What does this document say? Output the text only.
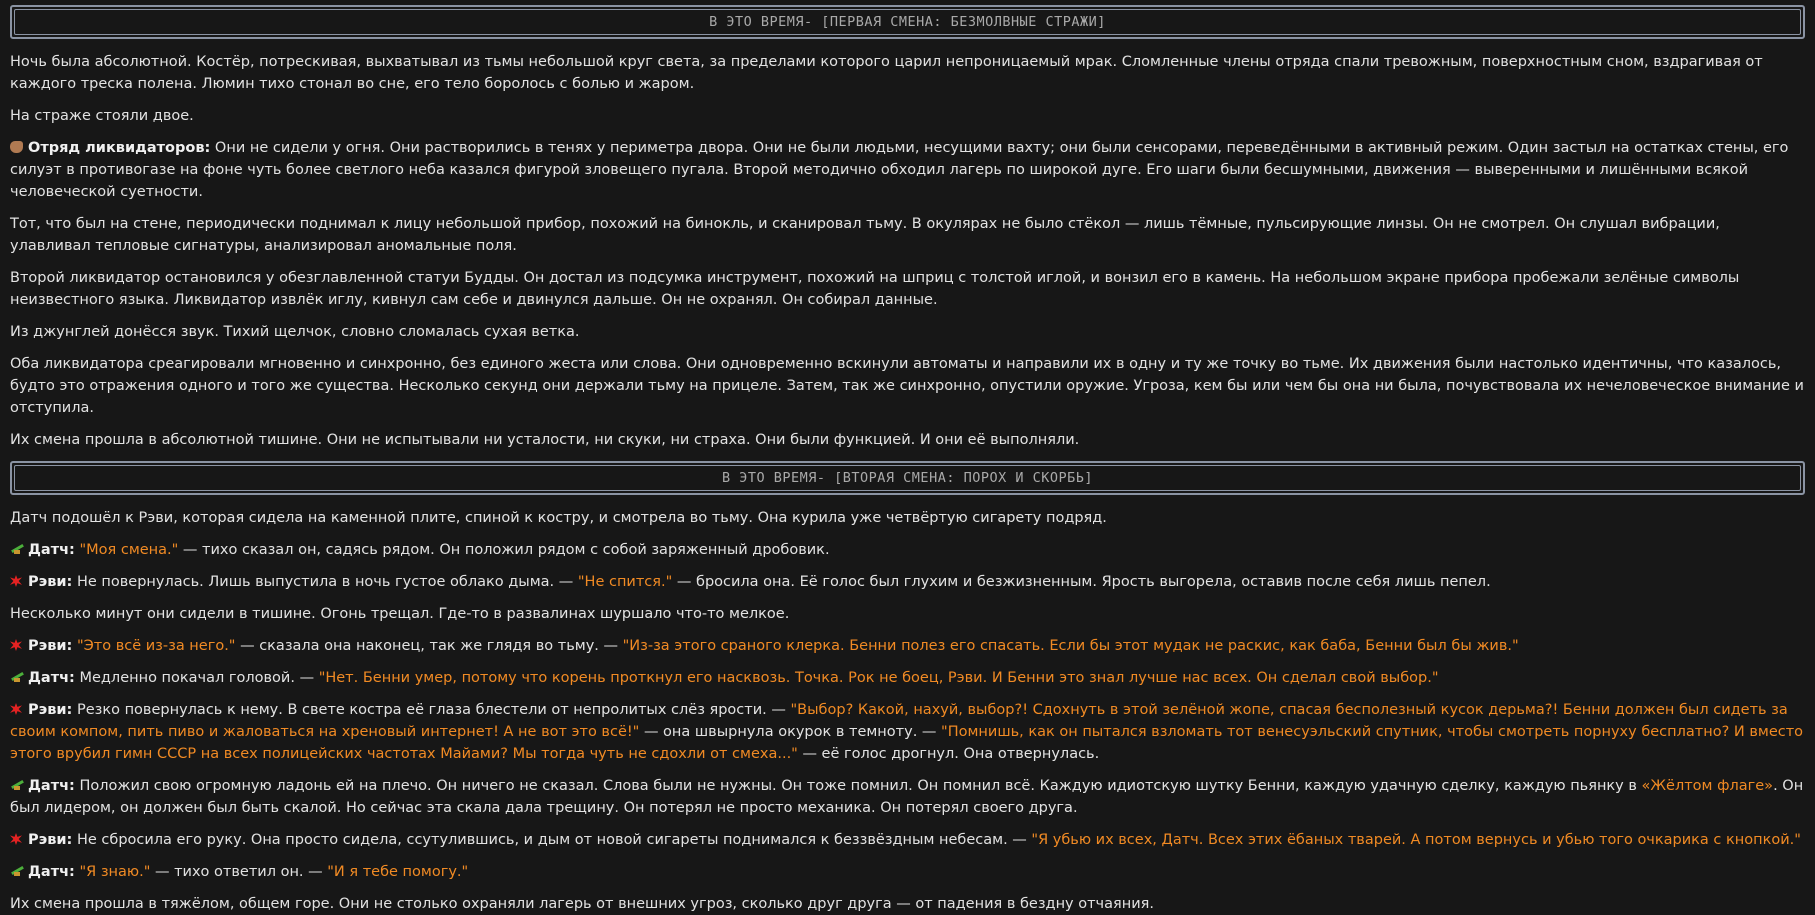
В ЭТО ВРЕМЯ- [ПЕРВАЯ СМЕНА: БЕЗМОЛВНЫЕ СТРАЖИ]

Ночь была абсолютной. Костёр, потрескивая, выхватывал из тьмы небольшой круг света, за пределами которого царил непроницаемый мрак. Сломленные члены отряда спали тревожным, поверхностным сном, вздрагивая от каждого треска полена. Люмин тихо стонал во сне, его тело боролось с болью и жаром.

На страже стояли двое.

Отряд ликвидаторов: Они не сидели у огня. Они растворились в тенях у периметра двора. Они не были людьми, несущими вахту; они были сенсорами, переведёнными в активный режим. Один застыл на остатках стены, его силуэт в противогазе на фоне чуть более светлого неба казался фигурой зловещего пугала. Второй методично обходил лагерь по широкой дуге. Его шаги были бесшумными, движения — выверенными и лишёнными всякой человеческой суетности.

Тот, что был на стене, периодически поднимал к лицу небольшой прибор, похожий на бинокль, и сканировал тьму. В окулярах не было стёкол — лишь тёмные, пульсирующие линзы. Он не смотрел. Он слушал вибрации, улавливал тепловые сигнатуры, анализировал аномальные поля.

Второй ликвидатор остановился у обезглавленной статуи Будды. Он достал из подсумка инструмент, похожий на шприц с толстой иглой, и вонзил его в камень. На небольшом экране прибора пробежали зелёные символы неизвестного языка. Ликвидатор извлёк иглу, кивнул сам себе и двинулся дальше. Он не охранял. Он собирал данные.

Из джунглей донёсся звук. Тихий щелчок, словно сломалась сухая ветка.

Оба ликвидатора среагировали мгновенно и синхронно, без единого жеста или слова. Они одновременно вскинули автоматы и направили их в одну и ту же точку во тьме. Их движения были настолько идентичны, что казалось, будто это отражения одного и того же существа. Несколько секунд они держали тьму на прицеле. Затем, так же синхронно, опустили оружие. Угроза, кем бы или чем бы она ни была, почувствовала их нечеловеческое внимание и отступила.

Их смена прошла в абсолютной тишине. Они не испытывали ни усталости, ни скуки, ни страха. Они были функцией. И они её выполняли.

В ЭТО ВРЕМЯ- [ВТОРАЯ СМЕНА: ПОРОХ И СКОРБЬ]

Датч подошёл к Рэви, которая сидела на каменной плите, спиной к костру, и смотрела во тьму. Она курила уже четвёртую сигарету подряд.

Датч: "Моя смена." — тихо сказал он, садясь рядом. Он положил рядом с собой заряженный дробовик.

Рэви: Не повернулась. Лишь выпустила в ночь густое облако дыма. — "Не спится." — бросила она. Её голос был глухим и безжизненным. Ярость выгорела, оставив после себя лишь пепел.

Несколько минут они сидели в тишине. Огонь трещал. Где-то в развалинах шуршало что-то мелкое.

Рэви: "Это всё из-за него." — сказала она наконец, так же глядя во тьму. — "Из-за этого сраного клерка. Бенни полез его спасать. Если бы этот мудак не раскис, как баба, Бенни был бы жив."

Датч: Медленно покачал головой. — "Нет. Бенни умер, потому что корень проткнул его насквозь. Точка. Рок не боец, Рэви. И Бенни это знал лучше нас всех. Он сделал свой выбор."

Рэви: Резко повернулась к нему. В свете костра её глаза блестели от непролитых слёз ярости. — "Выбор? Какой, нахуй, выбор?! Сдохнуть в этой зелёной жопе, спасая бесполезный кусок дерьма?! Бенни должен был сидеть за своим компом, пить пиво и жаловаться на хреновый интернет! А не вот это всё!" — она швырнула окурок в темноту. — "Помнишь, как он пытался взломать тот венесуэльский спутник, чтобы смотреть порнуху бесплатно? И вместо этого врубил гимн СССР на всех полицейских частотах Майами? Мы тогда чуть не сдохли от смеха..." — её голос дрогнул. Она отвернулась.

Датч: Положил свою огромную ладонь ей на плечо. Он ничего не сказал. Слова были не нужны. Он тоже помнил. Он помнил всё. Каждую идиотскую шутку Бенни, каждую удачную сделку, каждую пьянку в «Жёлтом флаге». Он был лидером, он должен был быть скалой. Но сейчас эта скала дала трещину. Он потерял не просто механика. Он потерял своего друга.

Рэви: Не сбросила его руку. Она просто сидела, ссутулившись, и дым от новой сигареты поднимался к беззвёздным небесам. — "Я убью их всех, Датч. Всех этих ёбаных тварей. А потом вернусь и убью того очкарика с кнопкой."

Датч: "Я знаю." — тихо ответил он. — "И я тебе помогу."

Их смена прошла в тяжёлом, общем горе. Они не столько охраняли лагерь от внешних угроз, сколько друг друга — от падения в бездну отчаяния.
